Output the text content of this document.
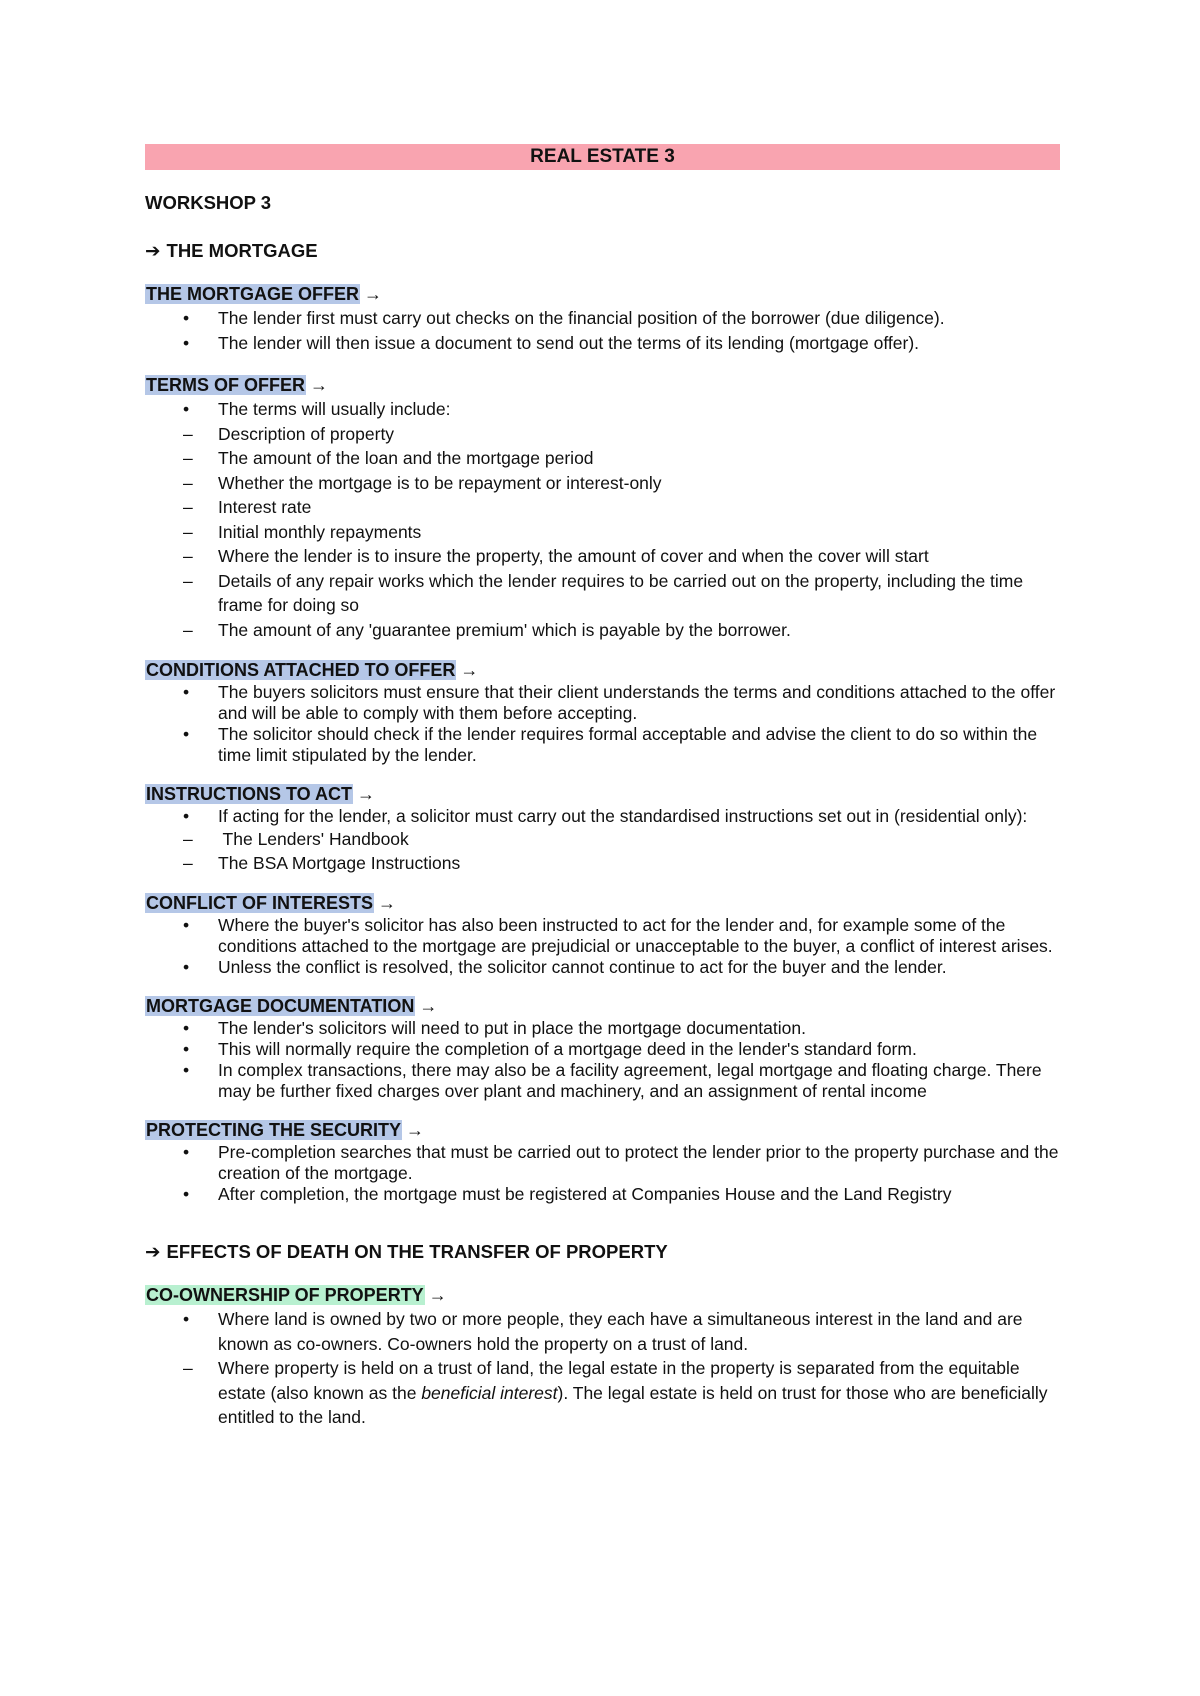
REAL ESTATE 3
WORKSHOP 3
➔ THE MORTGAGE
THE MORTGAGE OFFER →
• The lender first must carry out checks on the financial position of the borrower (due diligence).
• The lender will then issue a document to send out the terms of its lending (mortgage offer).
TERMS OF OFFER →
• The terms will usually include:
– Description of property
– The amount of the loan and the mortgage period
– Whether the mortgage is to be repayment or interest-only
– Interest rate
– Initial monthly repayments
– Where the lender is to insure the property, the amount of cover and when the cover will start
– Details of any repair works which the lender requires to be carried out on the property, including the time frame for doing so
– The amount of any 'guarantee premium' which is payable by the borrower.
CONDITIONS ATTACHED TO OFFER →
• The buyers solicitors must ensure that their client understands the terms and conditions attached to the offer and will be able to comply with them before accepting.
• The solicitor should check if the lender requires formal acceptable and advise the client to do so within the time limit stipulated by the lender.
INSTRUCTIONS TO ACT →
• If acting for the lender, a solicitor must carry out the standardised instructions set out in (residential only):
–  The Lenders' Handbook
– The BSA Mortgage Instructions
CONFLICT OF INTERESTS →
• Where the buyer's solicitor has also been instructed to act for the lender and, for example some of the conditions attached to the mortgage are prejudicial or unacceptable to the buyer, a conflict of interest arises.
• Unless the conflict is resolved, the solicitor cannot continue to act for the buyer and the lender.
MORTGAGE DOCUMENTATION →
• The lender's solicitors will need to put in place the mortgage documentation.
• This will normally require the completion of a mortgage deed in the lender's standard form.
• In complex transactions, there may also be a facility agreement, legal mortgage and floating charge. There may be further fixed charges over plant and machinery, and an assignment of rental income
PROTECTING THE SECURITY →
• Pre-completion searches that must be carried out to protect the lender prior to the property purchase and the creation of the mortgage.
• After completion, the mortgage must be registered at Companies House and the Land Registry
➔ EFFECTS OF DEATH ON THE TRANSFER OF PROPERTY
CO-OWNERSHIP OF PROPERTY →
• Where land is owned by two or more people, they each have a simultaneous interest in the land and are known as co-owners. Co-owners hold the property on a trust of land.
– Where property is held on a trust of land, the legal estate in the property is separated from the equitable estate (also known as the beneficial interest). The legal estate is held on trust for those who are beneficially entitled to the land.
